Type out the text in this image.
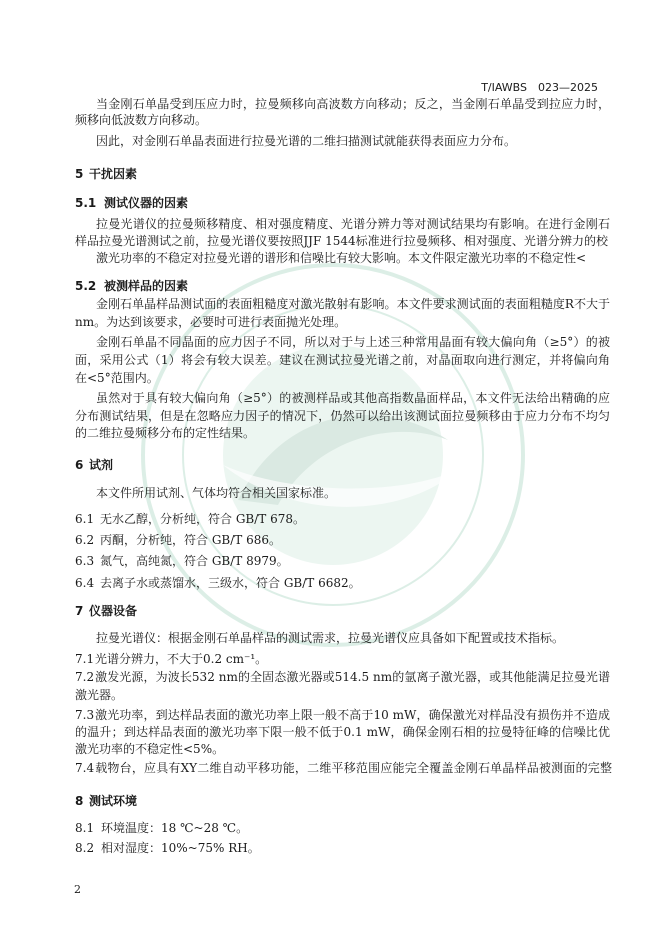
T/IAWBS　023—2025
当金刚石单晶受到压应力时，拉曼频移向高波数方向移动；反之，当金刚石单晶受到拉应力时，
频移向低波数方向移动。
因此，对金刚石单晶表面进行拉曼光谱的二维扫描测试就能获得表面应力分布。
5 干扰因素
5.1 测试仪器的因素
拉曼光谱仪的拉曼频移精度、相对强度精度、光谱分辨力等对测试结果均有影响。在进行金刚石
样品拉曼光谱测试之前，拉曼光谱仪要按照JJF 1544标准进行拉曼频移、相对强度、光谱分辨力的校
激光功率的不稳定对拉曼光谱的谱形和信噪比有较大影响。本文件限定激光功率的不稳定性<
5.2 被测样品的因素
金刚石单晶样品测试面的表面粗糙度对激光散射有影响。本文件要求测试面的表面粗糙度R不大于
nm。为达到该要求，必要时可进行表面抛光处理。
金刚石单晶不同晶面的应力因子不同，所以对于与上述三种常用晶面有较大偏向角（≥5°）的被
面，采用公式（1）将会有较大误差。建议在测试拉曼光谱之前，对晶面取向进行测定，并将偏向角
在<5°范围内。
虽然对于具有较大偏向角（≥5°）的被测样品或其他高指数晶面样品，本文件无法给出精确的应
分布测试结果，但是在忽略应力因子的情况下，仍然可以给出该测试面拉曼频移由于应力分布不均匀
的二维拉曼频移分布的定性结果。
6 试剂
本文件所用试剂、气体均符合相关国家标准。
6.1 无水乙醇，分析纯，符合 GB/T 678。
6.2 丙酮，分析纯，符合 GB/T 686。
6.3 氮气，高纯氮，符合 GB/T 8979。
6.4 去离子水或蒸馏水，三级水，符合 GB/T 6682。
7 仪器设备
拉曼光谱仪：根据金刚石单晶样品的测试需求，拉曼光谱仪应具备如下配置或技术指标。
7.1光谱分辨力，不大于0.2 cm⁻¹。
7.2激发光源，为波长532 nm的全固态激光器或514.5 nm的氩离子激光器，或其他能满足拉曼光谱
激光器。
7.3激光功率，到达样品表面的激光功率上限一般不高于10 mW，确保激光对样品没有损伤并不造成
的温升；到达样品表面的激光功率下限一般不低于0.1 mW，确保金刚石相的拉曼特征峰的信噪比优
激光功率的不稳定性<5%。
7.4载物台，应具有XY二维自动平移功能，二维平移范围应能完全覆盖金刚石单晶样品被测面的完整
8 测试环境
8.1 环境温度：18 ℃~28 ℃。
8.2 相对湿度：10%~75% RH。
2
